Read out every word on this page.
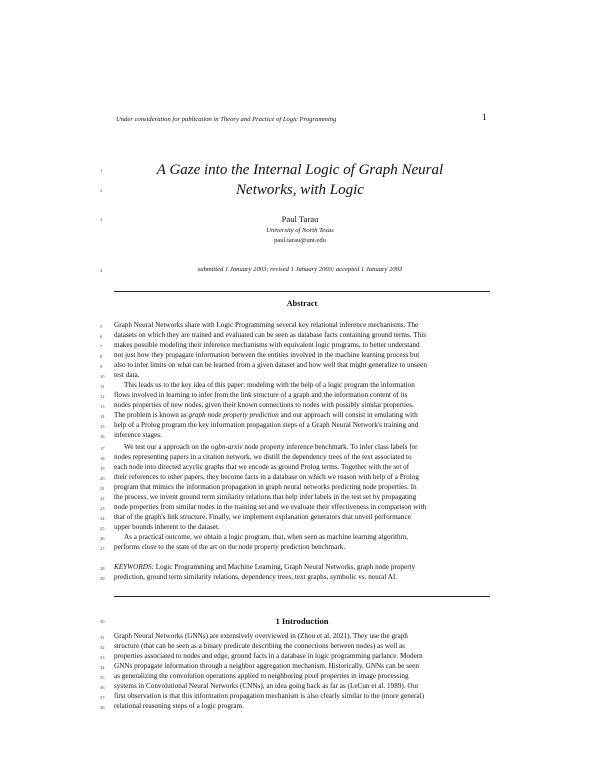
Under consideration for publication in Theory and Practice of Logic Programming	1
1
2
A Gaze into the Internal Logic of Graph Neural
Networks, with Logic
3	Paul Tarau
University of North Texas
paul.tarau@unt.edu
4	submitted 1 January 2003; revised 1 January 2003; accepted 1 January 2003
Abstract
5	Graph Neural Networks share with Logic Programming several key relational inference mechanisms. The
6	datasets on which they are trained and evaluated can be seen as database facts containing ground terms. This
7	makes possible modeling their inference mechanisms with equivalent logic programs, to better understand
8	not just how they propagate information between the entities involved in the machine learning process but
9	also to infer limits on what can be learned from a given dataset and how well that might generalize to unseen
10	test data.
11	This leads us to the key idea of this paper: modeling with the help of a logic program the information
12	flows involved in learning to infer from the link structure of a graph and the information content of its
13	nodes properties of new nodes, given their known connections to nodes with possibly similar properties.
14	The problem is known as graph node property prediction and our approach will consist in emulating with
15	help of a Prolog program the key information propagation steps of a Graph Neural Network's training and
16	inference stages.
17	We test our a approach on the ogbn-arxiv node property inference benchmark. To infer class labels for
18	nodes representing papers in a citation network, we distill the dependency trees of the text associated to
19	each node into directed acyclic graphs that we encode as ground Prolog terms. Together with the set of
20	their references to other papers, they become facts in a database on which we reason with help of a Prolog
21	program that mimics the information propagation in graph neural networks predicting node properties. In
22	the process, we invent ground term similarity relations that help infer labels in the test set by propagating
23	node properties from similar nodes in the training set and we evaluate their effectiveness in comparison with
24	that of the graph's link structure. Finally, we implement explanation generators that unveil performance
25	upper bounds inherent to the dataset.
26	As a practical outcome, we obtain a logic program, that, when seen as machine learning algorithm,
27	performs close to the state of the art on the node property prediction benchmark.
28	KEYWORDS: Logic Programming and Machine Learning, Graph Neural Networks, graph node property
29	prediction, ground term similarity relations, dependency trees, text graphs, symbolic vs. neural AI.
30	1 Introduction
31	Graph Neural Networks (GNNs) are extensively overviewed in (Zhou et al. 2021). They use the graph
32	structure (that can be seen as a binary predicate describing the connections between nodes) as well as
33	properties associated to nodes and edge, ground facts in a database in logic programming parlance. Modern
34	GNNs propagate information through a neighbor aggregation mechanism. Historically, GNNs can be seen
35	as generalizing the convolution operations applied to neighboring pixel properties in image processing
36	systems in Convolutional Neural Networks (CNNs), an idea going back as far as (LeCun et al. 1989). Our
37	first observation is that this information propagation mechanism is also clearly similar to the (more general)
38	relational reasoning steps of a logic program.
